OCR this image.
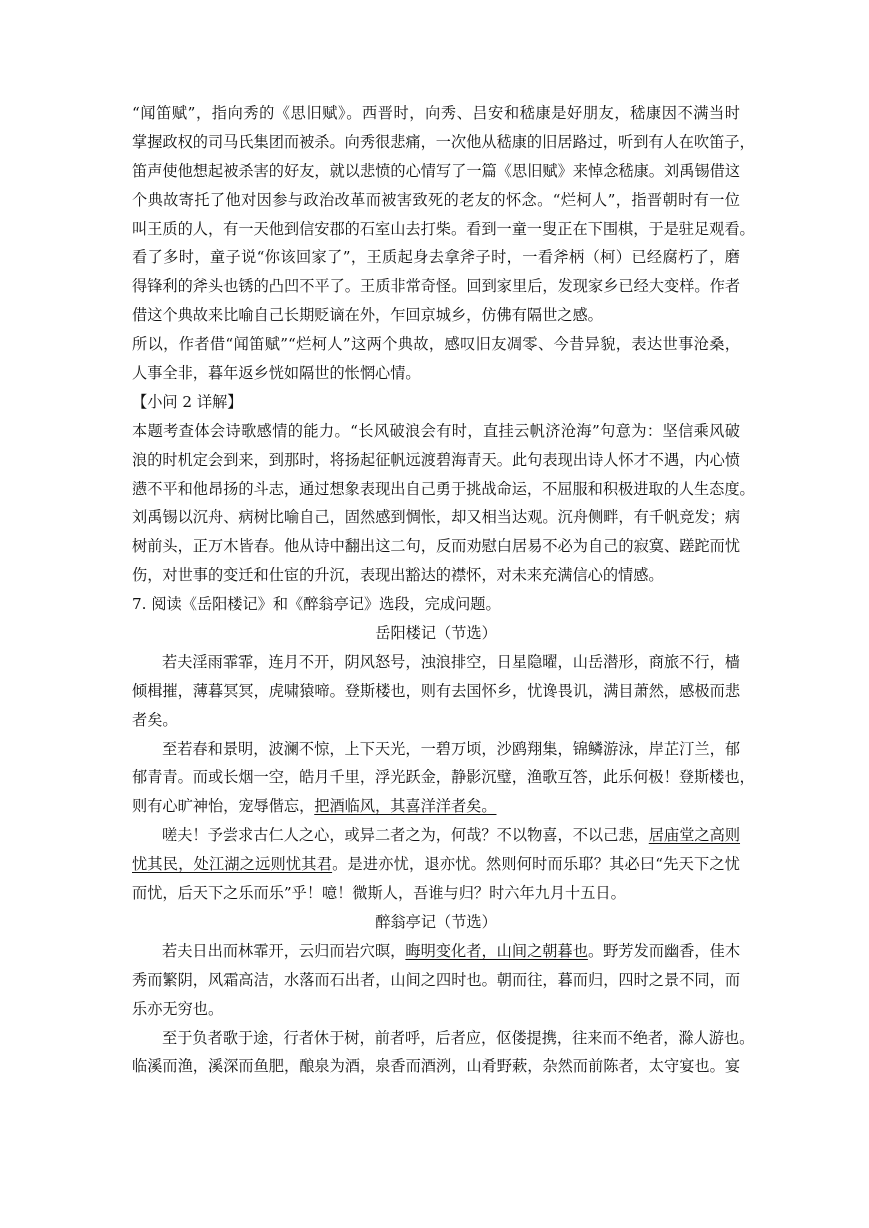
“闻笛赋”，指向秀的《思旧赋》。西晋时，向秀、吕安和嵇康是好朋友，嵇康因不满当时
掌握政权的司马氏集团而被杀。向秀很悲痛，一次他从嵇康的旧居路过，听到有人在吹笛子，
笛声使他想起被杀害的好友，就以悲愤的心情写了一篇《思旧赋》来悼念嵇康。刘禹锡借这
个典故寄托了他对因参与政治改革而被害致死的老友的怀念。“烂柯人”，指晋朝时有一位
叫王质的人，有一天他到信安郡的石室山去打柴。看到一童一叟正在下围棋，于是驻足观看。
看了多时，童子说“你该回家了”，王质起身去拿斧子时，一看斧柄（柯）已经腐朽了，磨
得锋利的斧头也锈的凸凹不平了。王质非常奇怪。回到家里后，发现家乡已经大变样。作者
借这个典故来比喻自己长期贬谪在外，乍回京城乡，仿佛有隔世之感。
所以，作者借“闻笛赋”“烂柯人”这两个典故，感叹旧友凋零、今昔异貌，表达世事沧桑，
人事全非，暮年返乡恍如隔世的怅惘心情。
【小问 2 详解】
本题考查体会诗歌感情的能力。“长风破浪会有时，直挂云帆济沧海”句意为：坚信乘风破
浪的时机定会到来，到那时，将扬起征帆远渡碧海青天。此句表现出诗人怀才不遇，内心愤
懑不平和他昂扬的斗志，通过想象表现出自己勇于挑战命运，不屈服和积极进取的人生态度。
刘禹锡以沉舟、病树比喻自己，固然感到惆怅，却又相当达观。沉舟侧畔，有千帆竞发；病
树前头，正万木皆春。他从诗中翻出这二句，反而劝慰白居易不必为自己的寂寞、蹉跎而忧
伤，对世事的变迁和仕宦的升沉，表现出豁达的襟怀，对未来充满信心的情感。
7. 阅读《岳阳楼记》和《醉翁亭记》选段，完成问题。
岳阳楼记（节选）
若夫淫雨霏霏，连月不开，阴风怒号，浊浪排空，日星隐曜，山岳潜形，商旅不行，樯
倾楫摧，薄暮冥冥，虎啸猿啼。登斯楼也，则有去国怀乡，忧谗畏讥，满目萧然，感极而悲
者矣。
至若春和景明，波澜不惊，上下天光，一碧万顷，沙鸥翔集，锦鳞游泳，岸芷汀兰，郁
郁青青。而或长烟一空，皓月千里，浮光跃金，静影沉璧，渔歌互答，此乐何极！登斯楼也，
则有心旷神怡，宠辱偕忘，把酒临风，其喜洋洋者矣。
嗟夫！予尝求古仁人之心，或异二者之为，何哉？不以物喜，不以己悲，居庙堂之高则
忧其民，处江湖之远则忧其君。是进亦忧，退亦忧。然则何时而乐耶？其必曰“先天下之忧
而忧，后天下之乐而乐”乎！噫！微斯人，吾谁与归？时六年九月十五日。
醉翁亭记（节选）
若夫日出而林霏开，云归而岩穴暝，晦明变化者，山间之朝暮也。野芳发而幽香，佳木
秀而繁阴，风霜高洁，水落而石出者，山间之四时也。朝而往，暮而归，四时之景不同，而
乐亦无穷也。
至于负者歌于途，行者休于树，前者呼，后者应，伛偻提携，往来而不绝者，滁人游也。
临溪而渔，溪深而鱼肥，酿泉为酒，泉香而酒洌，山肴野蔌，杂然而前陈者，太守宴也。宴
